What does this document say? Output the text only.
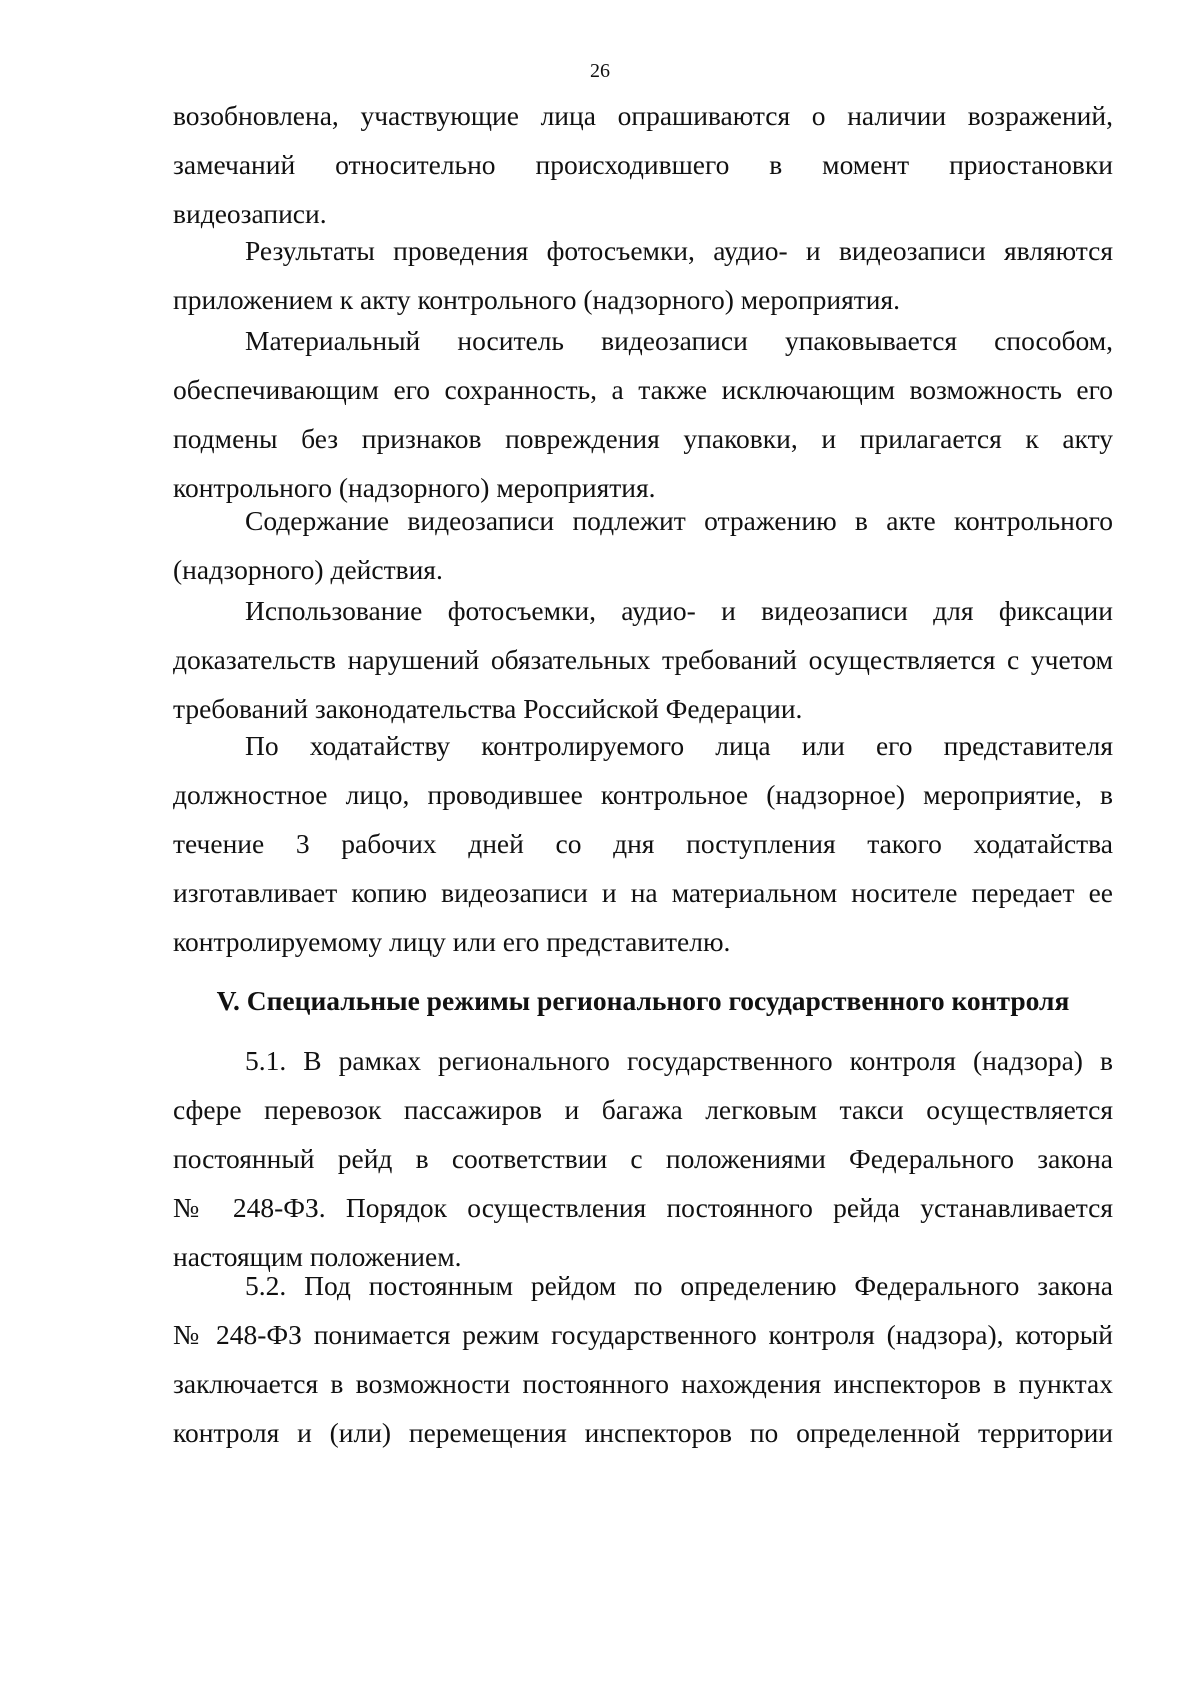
26
возобновлена, участвующие лица опрашиваются о наличии возражений,
замечаний относительно происходившего в момент приостановки
видеозаписи.
Результаты проведения фотосъемки, аудио- и видеозаписи являются
приложением к акту контрольного (надзорного) мероприятия.
Материальный носитель видеозаписи упаковывается способом,
обеспечивающим его сохранность, а также исключающим возможность его
подмены без признаков повреждения упаковки, и прилагается к акту
контрольного (надзорного) мероприятия.
Содержание видеозаписи подлежит отражению в акте контрольного
(надзорного) действия.
Использование фотосъемки, аудио- и видеозаписи для фиксации
доказательств нарушений обязательных требований осуществляется с учетом
требований законодательства Российской Федерации.
По ходатайству контролируемого лица или его представителя
должностное лицо, проводившее контрольное (надзорное) мероприятие, в
течение 3 рабочих дней со дня поступления такого ходатайства
изготавливает копию видеозаписи и на материальном носителе передает ее
контролируемому лицу или его представителю.
V. Специальные режимы регионального государственного контроля
5.1. В рамках регионального государственного контроля (надзора) в
сфере перевозок пассажиров и багажа легковым такси осуществляется
постоянный рейд в соответствии с положениями Федерального закона
№ 248-ФЗ. Порядок осуществления постоянного рейда устанавливается
настоящим положением.
5.2. Под постоянным рейдом по определению Федерального закона
№ 248-ФЗ понимается режим государственного контроля (надзора), который
заключается в возможности постоянного нахождения инспекторов в пунктах
контроля и (или) перемещения инспекторов по определенной территории
